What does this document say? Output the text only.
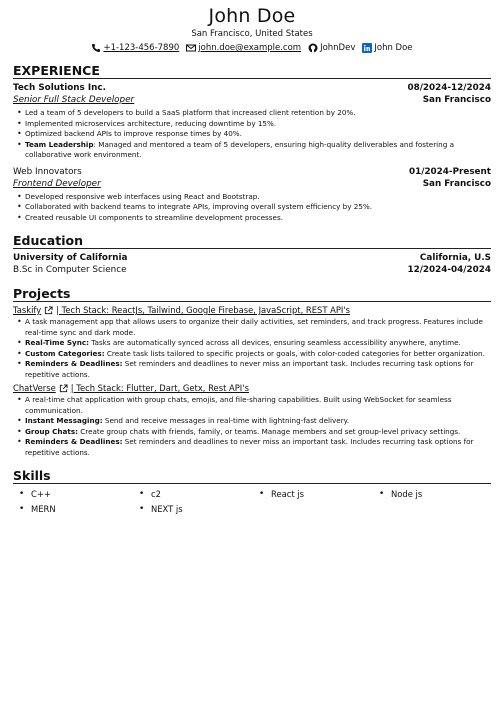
John Doe
San Francisco, United States
+1-123-456-7890 john.doe@example.com JohnDev John Doe
EXPERIENCE
Tech Solutions Inc.	08/2024-12/2024
Senior Full Stack Developer	San Francisco
• Led a team of 5 developers to build a SaaS platform that increased client retention by 20%.
• Implemented microservices architecture, reducing downtime by 15%.
• Optimized backend APIs to improve response times by 40%.
• Team Leadership: Managed and mentored a team of 5 developers, ensuring high-quality deliverables and fostering a collaborative work environment.
Web Innovators	01/2024-Present
Frontend Developer	San Francisco
• Developed responsive web interfaces using React and Bootstrap.
• Collaborated with backend teams to integrate APIs, improving overall system efficiency by 25%.
• Created reusable UI components to streamline development processes.
Education
University of California	California, U.S
B.Sc in Computer Science	12/2024-04/2024
Projects
Taskify | Tech Stack: ReactJs, Tailwind, Google Firebase, JavaScript, REST API's
• A task management app that allows users to organize their daily activities, set reminders, and track progress. Features include real-time sync and dark mode.
• Real-Time Sync: Tasks are automatically synced across all devices, ensuring seamless accessibility anywhere, anytime.
• Custom Categories: Create task lists tailored to specific projects or goals, with color-coded categories for better organization.
• Reminders & Deadlines: Set reminders and deadlines to never miss an important task. Includes recurring task options for repetitive actions.
ChatVerse | Tech Stack: Flutter, Dart, Getx, Rest API's
• A real-time chat application with group chats, emojis, and file-sharing capabilities. Built using WebSocket for seamless communication.
• Instant Messaging: Send and receive messages in real-time with lightning-fast delivery.
• Group Chats: Create group chats with friends, family, or teams. Manage members and set group-level privacy settings.
• Reminders & Deadlines: Set reminders and deadlines to never miss an important task. Includes recurring task options for repetitive actions.
Skills
• C++	• c2	• React js	• Node js
• MERN	• NEXT js
